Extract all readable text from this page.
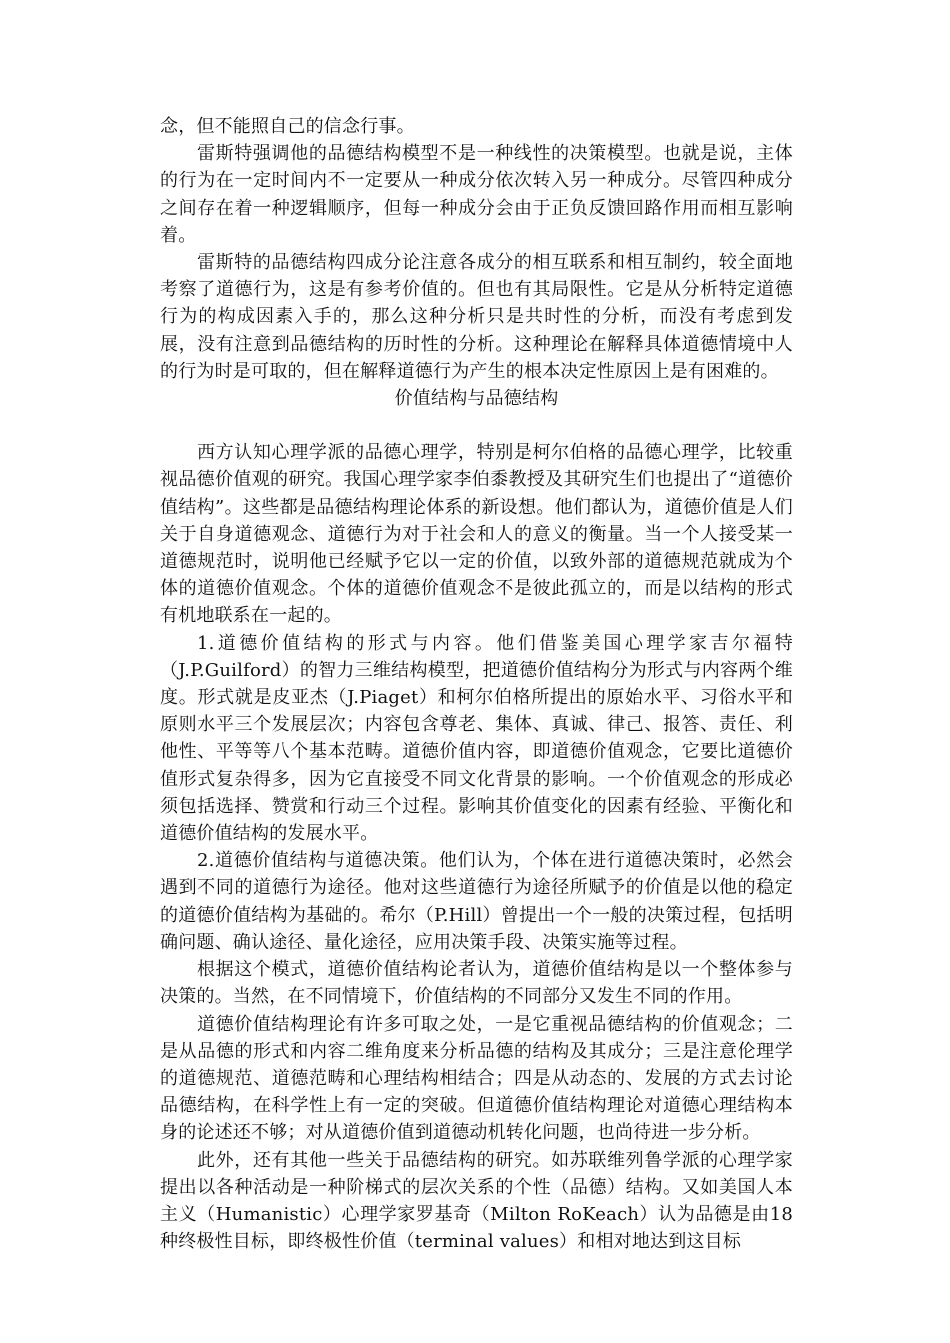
念，但不能照自己的信念行事。

雷斯特强调他的品德结构模型不是一种线性的决策模型。也就是说，主体的行为在一定时间内不一定要从一种成分依次转入另一种成分。尽管四种成分之间存在着一种逻辑顺序，但每一种成分会由于正负反馈回路作用而相互影响着。

雷斯特的品德结构四成分论注意各成分的相互联系和相互制约，较全面地考察了道德行为，这是有参考价值的。但也有其局限性。它是从分析特定道德行为的构成因素入手的，那么这种分析只是共时性的分析，而没有考虑到发展，没有注意到品德结构的历时性的分析。这种理论在解释具体道德情境中人的行为时是可取的，但在解释道德行为产生的根本决定性原因上是有困难的。

价值结构与品德结构

西方认知心理学派的品德心理学，特别是柯尔伯格的品德心理学，比较重视品德价值观的研究。我国心理学家李伯黍教授及其研究生们也提出了“道德价值结构”。这些都是品德结构理论体系的新设想。他们都认为，道德价值是人们关于自身道德观念、道德行为对于社会和人的意义的衡量。当一个人接受某一道德规范时，说明他已经赋予它以一定的价值，以致外部的道德规范就成为个体的道德价值观念。个体的道德价值观念不是彼此孤立的，而是以结构的形式有机地联系在一起的。

1.道德价值结构的形式与内容。他们借鉴美国心理学家吉尔福特（J.P.Guilford）的智力三维结构模型，把道德价值结构分为形式与内容两个维度。形式就是皮亚杰（J.Piaget）和柯尔伯格所提出的原始水平、习俗水平和原则水平三个发展层次；内容包含尊老、集体、真诚、律己、报答、责任、利他性、平等等八个基本范畴。道德价值内容，即道德价值观念，它要比道德价值形式复杂得多，因为它直接受不同文化背景的影响。一个价值观念的形成必须包括选择、赞赏和行动三个过程。影响其价值变化的因素有经验、平衡化和道德价值结构的发展水平。

2.道德价值结构与道德决策。他们认为，个体在进行道德决策时，必然会遇到不同的道德行为途径。他对这些道德行为途径所赋予的价值是以他的稳定的道德价值结构为基础的。希尔（P.Hill）曾提出一个一般的决策过程，包括明确问题、确认途径、量化途径，应用决策手段、决策实施等过程。

根据这个模式，道德价值结构论者认为，道德价值结构是以一个整体参与决策的。当然，在不同情境下，价值结构的不同部分又发生不同的作用。

道德价值结构理论有许多可取之处，一是它重视品德结构的价值观念；二是从品德的形式和内容二维角度来分析品德的结构及其成分；三是注意伦理学的道德规范、道德范畴和心理结构相结合；四是从动态的、发展的方式去讨论品德结构，在科学性上有一定的突破。但道德价值结构理论对道德心理结构本身的论述还不够；对从道德价值到道德动机转化问题，也尚待进一步分析。

此外，还有其他一些关于品德结构的研究。如苏联维列鲁学派的心理学家提出以各种活动是一种阶梯式的层次关系的个性（品德）结构。又如美国人本主义（Humanistic）心理学家罗基奇（Milton RoKeach）认为品德是由18 种终极性目标，即终极性价值（terminal values）和相对地达到这目标
